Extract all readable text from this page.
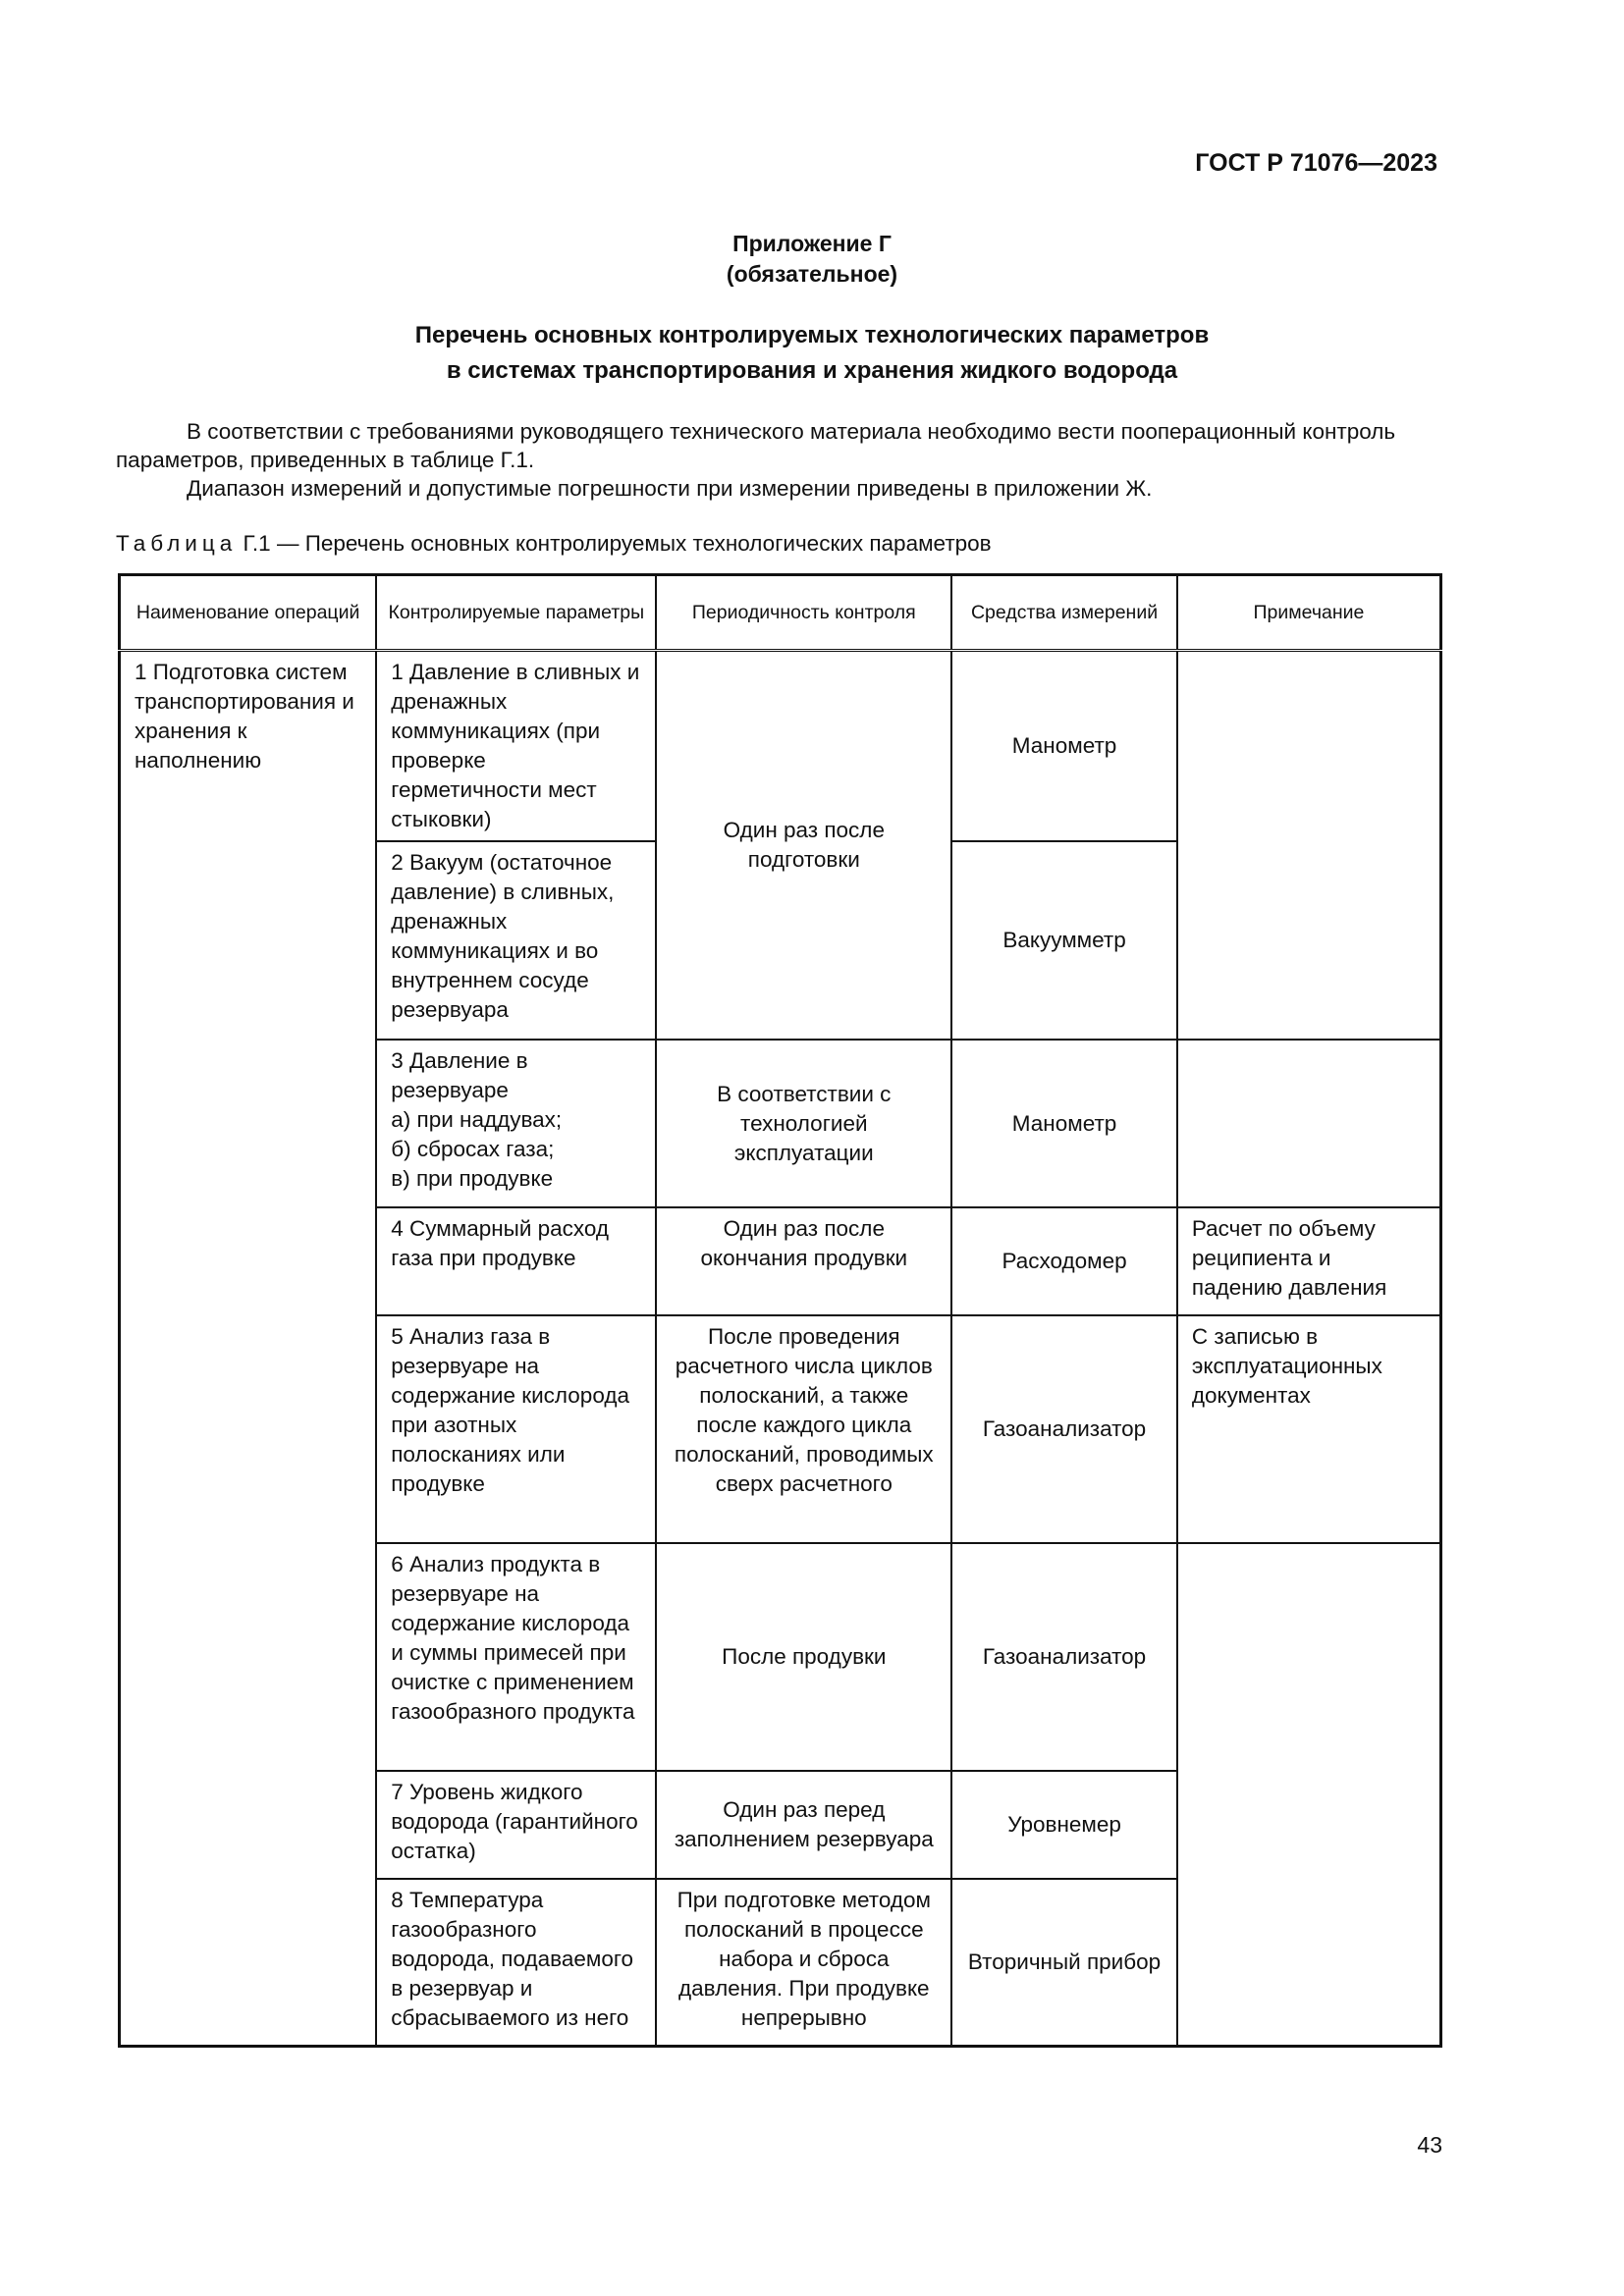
ГОСТ Р 71076—2023
Приложение Г
(обязательное)
Перечень основных контролируемых технологических параметров
в системах транспортирования и хранения жидкого водорода

В соответствии с требованиями руководящего технического материала необходимо вести пооперационный контроль параметров, приведенных в таблице Г.1.

Диапазон измерений и допустимые погрешности при измерении приведены в приложении Ж.

Таблица Г.1 — Перечень основных контролируемых технологических параметров
Наименование операций	Контролируемые параметры	Периодичность контроля	Средства измерений	Примечание
1 Подготовка систем транспортирования и хранения к наполнению	1 Давление в сливных и дренажных коммуникациях (при проверке герметичности мест стыковки)	Один раз после подготовки	Манометр	
	2 Вакуум (остаточное давление) в сливных, дренажных коммуникациях и во внутреннем сосуде резервуара		Вакуумметр	
	3 Давление в резервуаре
а) при наддувах;
б) сбросах газа;
в) при продувке	В соответствии с технологией эксплуатации	Манометр	
	4 Суммарный расход газа при продувке	Один раз после окончания продувки	Расходомер	Расчет по объему реципиента и падению давления
	5 Анализ газа в резервуаре на содержание кислорода при азотных полосканиях или продувке	После проведения расчетного числа циклов полосканий, а также после каждого цикла полосканий, проводимых сверх расчетного	Газоанализатор	С записью в эксплуатационных документах
	6 Анализ продукта в резервуаре на содержание кислорода и суммы примесей при очистке с применением газообразного продукта	После продувки	Газоанализатор	
	7 Уровень жидкого водорода (гарантийного остатка)	Один раз перед заполнением резервуара	Уровнемер	
	8 Температура газообразного водорода, подаваемого в резервуар и сбрасываемого из него	При подготовке методом полосканий в процессе набора и сброса давления. При продувке непрерывно	Вторичный прибор	
43
